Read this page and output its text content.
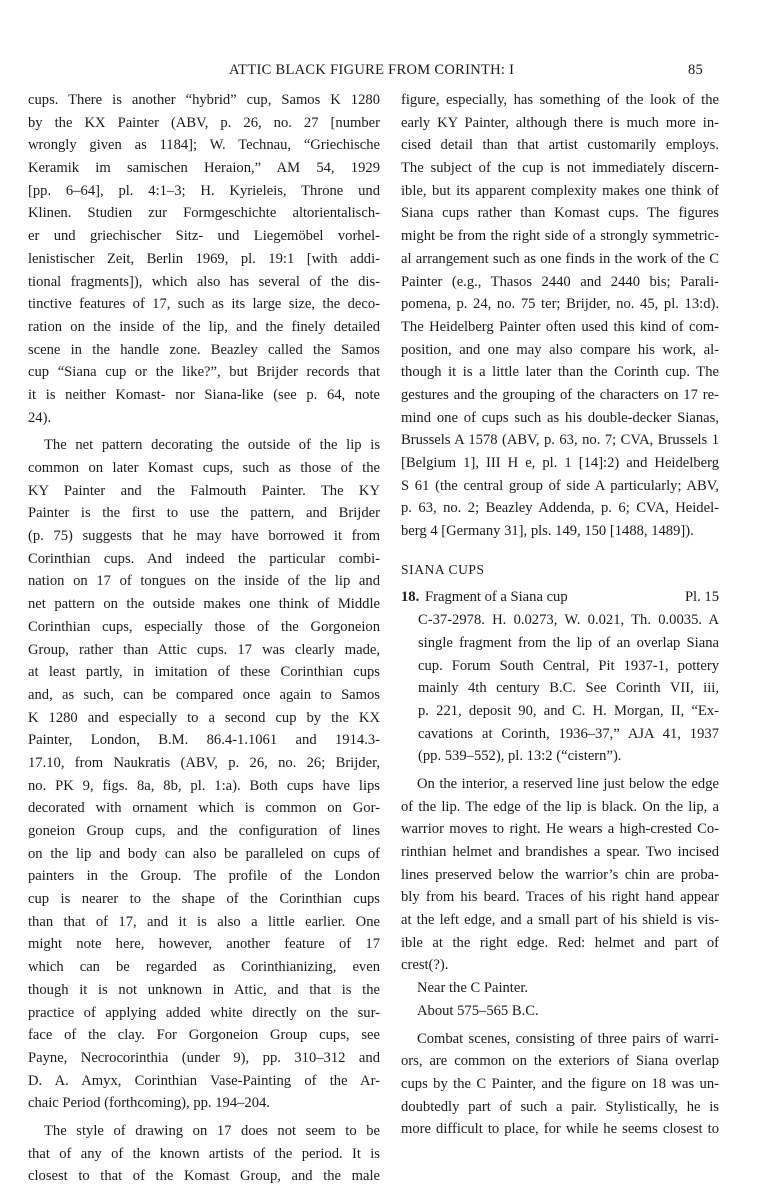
ATTIC BLACK FIGURE FROM CORINTH: I	85
cups. There is another “hybrid” cup, Samos K 1280
by the KX Painter (ABV, p. 26, no. 27 [number
wrongly given as 1184]; W. Technau, “Griechische
Keramik im samischen Heraion,” AM 54, 1929
[pp. 6–64], pl. 4:1–3; H. Kyrieleis, Throne und
Klinen. Studien zur Formgeschichte altorientalisch-
er und griechischer Sitz- und Liegemöbel vorhel-
lenistischer Zeit, Berlin 1969, pl. 19:1 [with addi-
tional fragments]), which also has several of the dis-
tinctive features of 17, such as its large size, the deco-
ration on the inside of the lip, and the finely detailed
scene in the handle zone. Beazley called the Samos
cup “Siana cup or the like?”, but Brijder records that
it is neither Komast- nor Siana-like (see p. 64, note
24).
The net pattern decorating the outside of the lip is
common on later Komast cups, such as those of the
KY Painter and the Falmouth Painter. The KY
Painter is the first to use the pattern, and Brijder
(p. 75) suggests that he may have borrowed it from
Corinthian cups. And indeed the particular combi-
nation on 17 of tongues on the inside of the lip and
net pattern on the outside makes one think of Middle
Corinthian cups, especially those of the Gorgoneion
Group, rather than Attic cups. 17 was clearly made,
at least partly, in imitation of these Corinthian cups
and, as such, can be compared once again to Samos
K 1280 and especially to a second cup by the KX
Painter, London, B.M. 86.4-1.1061 and 1914.3-
17.10, from Naukratis (ABV, p. 26, no. 26; Brijder,
no. PK 9, figs. 8a, 8b, pl. 1:a). Both cups have lips
decorated with ornament which is common on Gor-
goneion Group cups, and the configuration of lines
on the lip and body can also be paralleled on cups of
painters in the Group. The profile of the London
cup is nearer to the shape of the Corinthian cups
than that of 17, and it is also a little earlier. One
might note here, however, another feature of 17
which can be regarded as Corinthianizing, even
though it is not unknown in Attic, and that is the
practice of applying added white directly on the sur-
face of the clay. For Gorgoneion Group cups, see
Payne, Necrocorinthia (under 9), pp. 310–312 and
D. A. Amyx, Corinthian Vase-Painting of the Ar-
chaic Period (forthcoming), pp. 194–204.
The style of drawing on 17 does not seem to be
that of any of the known artists of the period. It is
closest to that of the Komast Group, and the male
figure, especially, has something of the look of the
early KY Painter, although there is much more in-
cised detail than that artist customarily employs.
The subject of the cup is not immediately discern-
ible, but its apparent complexity makes one think of
Siana cups rather than Komast cups. The figures
might be from the right side of a strongly symmetric-
al arrangement such as one finds in the work of the C
Painter (e.g., Thasos 2440 and 2440 bis; Parali-
pomena, p. 24, no. 75 ter; Brijder, no. 45, pl. 13:d).
The Heidelberg Painter often used this kind of com-
position, and one may also compare his work, al-
though it is a little later than the Corinth cup. The
gestures and the grouping of the characters on 17 re-
mind one of cups such as his double-decker Sianas,
Brussels A 1578 (ABV, p. 63, no. 7; CVA, Brussels 1
[Belgium 1], III H e, pl. 1 [14]:2) and Heidelberg
S 61 (the central group of side A particularly; ABV,
p. 63, no. 2; Beazley Addenda, p. 6; CVA, Heidel-
berg 4 [Germany 31], pls. 149, 150 [1488, 1489]).
SIANA CUPS
18. Fragment of a Siana cup	Pl. 15
C-37-2978. H. 0.0273, W. 0.021, Th. 0.0035. A
single fragment from the lip of an overlap Siana
cup. Forum South Central, Pit 1937-1, pottery
mainly 4th century B.C. See Corinth VII, iii,
p. 221, deposit 90, and C. H. Morgan, II, “Ex-
cavations at Corinth, 1936–37,” AJA 41, 1937
(pp. 539–552), pl. 13:2 (“cistern”).
On the interior, a reserved line just below the edge
of the lip. The edge of the lip is black. On the lip, a
warrior moves to right. He wears a high-crested Co-
rinthian helmet and brandishes a spear. Two incised
lines preserved below the warrior’s chin are proba-
bly from his beard. Traces of his right hand appear
at the left edge, and a small part of his shield is vis-
ible at the right edge. Red: helmet and part of
crest(?).
Near the C Painter.
About 575–565 B.C.
Combat scenes, consisting of three pairs of warri-
ors, are common on the exteriors of Siana overlap
cups by the C Painter, and the figure on 18 was un-
doubtedly part of such a pair. Stylistically, he is
more difficult to place, for while he seems closest to
